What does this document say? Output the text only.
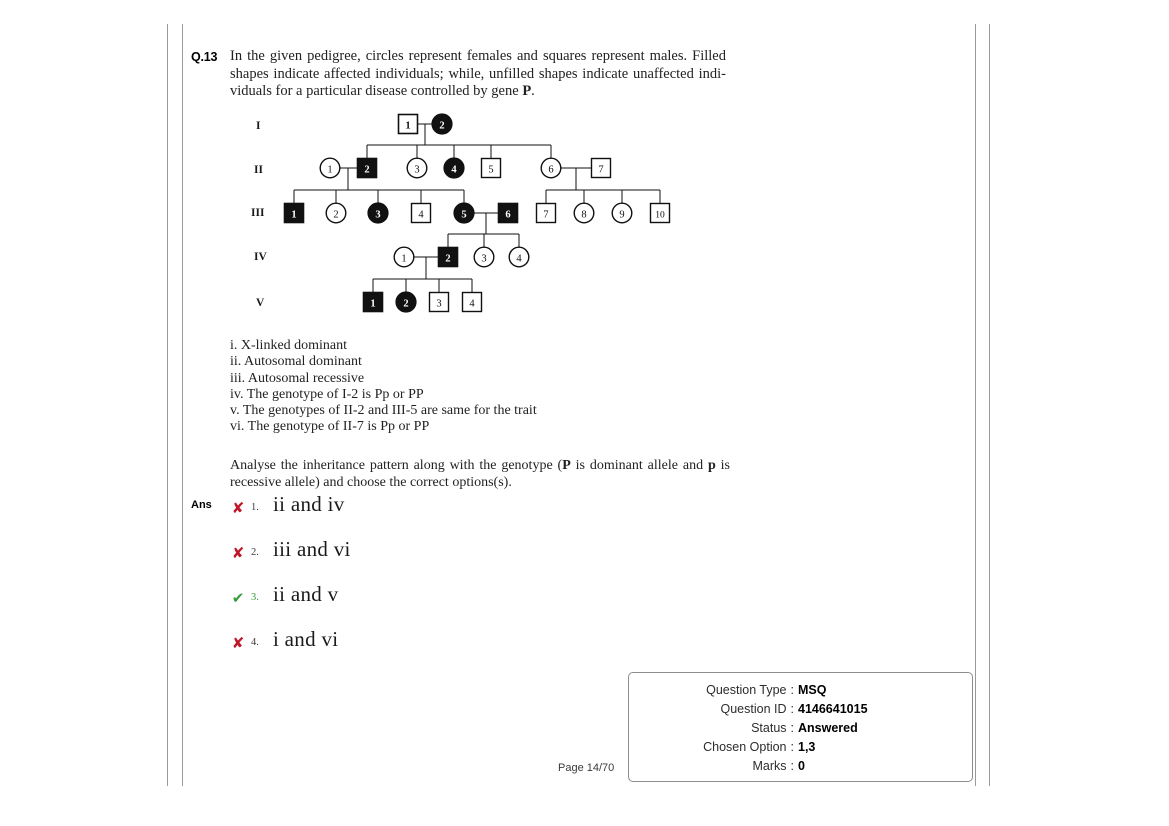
Q.13 In the given pedigree, circles represent females and squares represent males. Filled shapes indicate affected individuals; while, unfilled shapes indicate unaffected indi- viduals for a particular disease controlled by gene P.
I
II
III
IV
V
1	2
1	2	3	4	5	6	7
1	2	3	4	5	6	7	8	9	10
1	2	3	4
1	2	3	4
i. X-linked dominant
ii. Autosomal dominant
iii. Autosomal recessive
iv. The genotype of I-2 is Pp or PP
v. The genotypes of II-2 and III-5 are same for the trait
vi. The genotype of II-7 is Pp or PP
Analyse the inheritance pattern along with the genotype (P is dominant allele and p is recessive allele) and choose the correct options(s).
Ans ✘ 1. ii and iv
✘ 2. iii and vi
✔ 3. ii and v
✘ 4. i and vi
Question Type : MSQ
Question ID : 4146641015
Status : Answered
Chosen Option : 1,3
Marks : 0
Page 14/70
